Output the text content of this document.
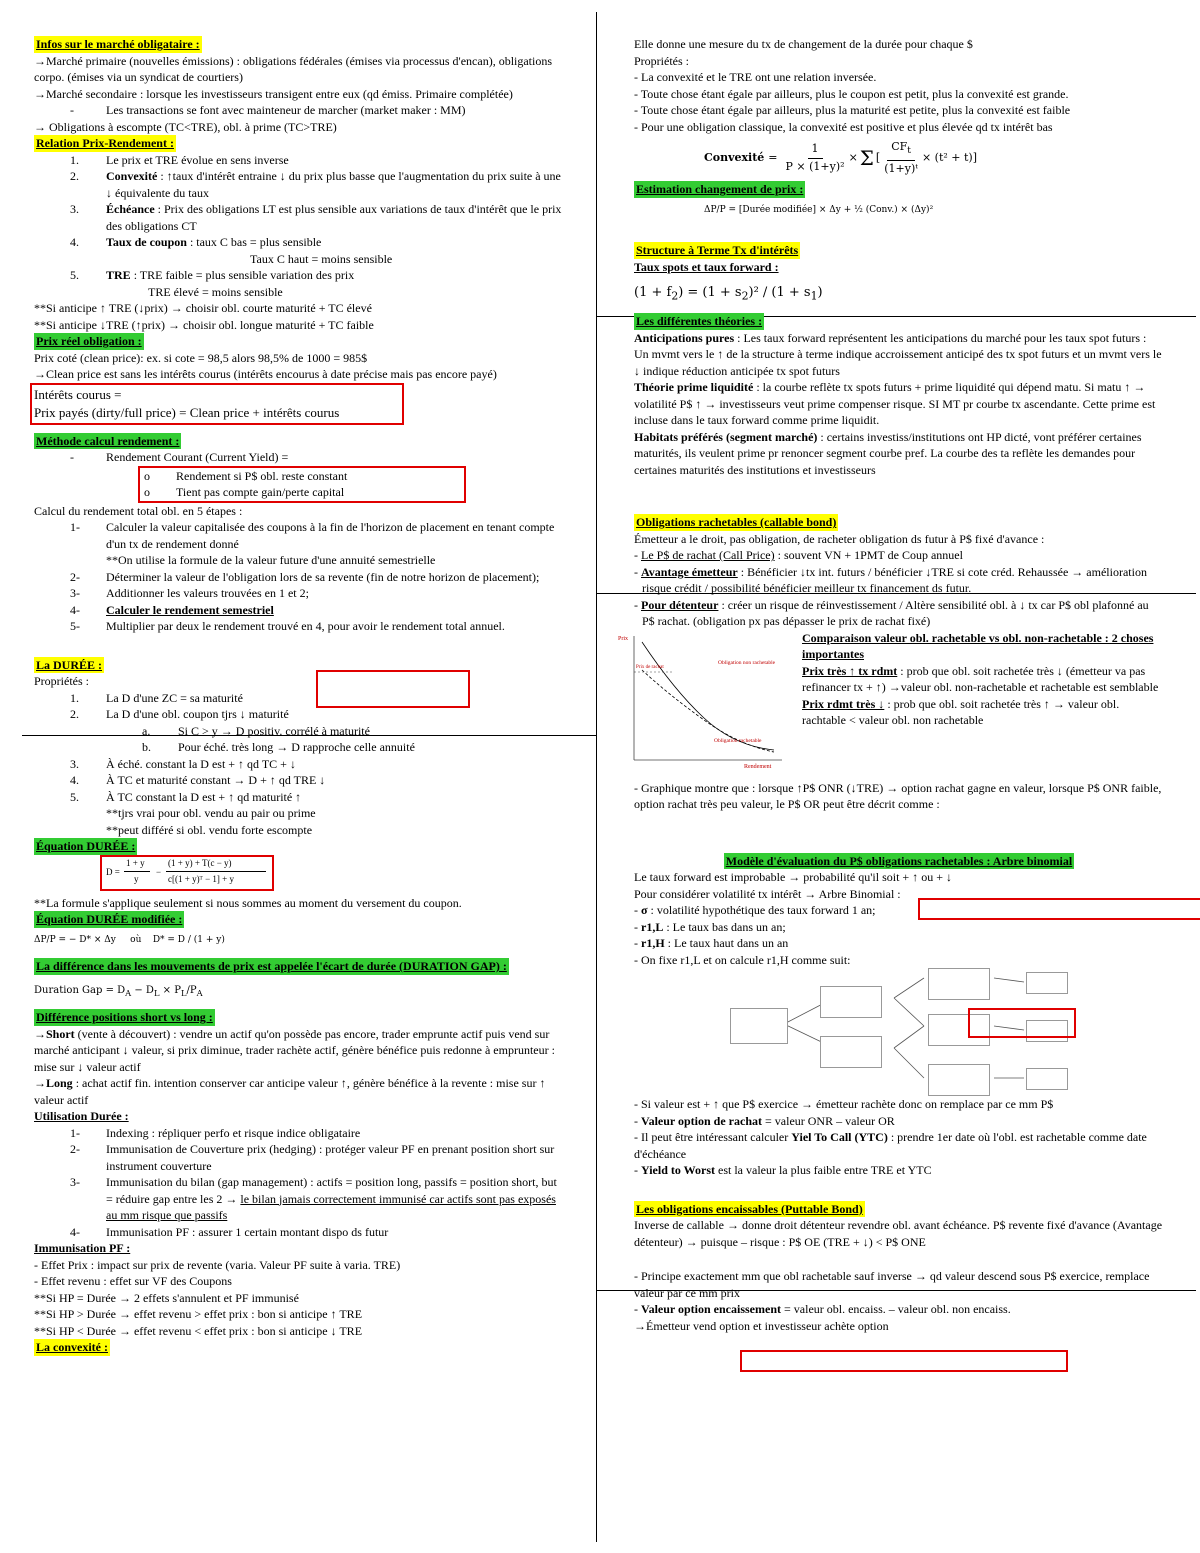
Infos sur le marché obligataire :

→Marché primaire (nouvelles émissions) : obligations fédérales (émises via processus d'encan), obligations corpo. (émises via un syndicat de courtiers)

→Marché secondaire : lorsque les investisseurs transigent entre eux (qd émiss. Primaire complétée)

-	Les transactions se font avec mainteneur de marcher (market maker : MM)

→ Obligations à escompte (TC<TRE), obl. à prime (TC>TRE)

Relation Prix-Rendement :

1. Le prix et TRE évolue en sens inverse

2. Convexité : ↑taux d'intérêt entraine ↓ du prix plus basse que l'augmentation du prix suite à une ↓ équivalente du taux

3. Échéance : Prix des obligations LT est plus sensible aux variations de taux d'intérêt que le prix des obligations CT

4. Taux de coupon : taux C bas = plus sensible

Taux C haut = moins sensible

5. TRE : TRE faible = plus sensible variation des prix

TRE élevé = moins sensible

**Si anticipe ↑ TRE (↓prix) → choisir obl. courte maturité + TC élevé

**Si anticipe ↓TRE (↑prix) → choisir obl. longue maturité + TC faible

Prix réel obligation :

Prix coté (clean price): ex. si cote = 98,5 alors 98,5% de 1000 = 985$

→Clean price est sans les intérêts courus (intérêts encourus à date précise mais pas encore payé)

Intérêts courus =

Prix payés (dirty/full price) = Clean price + intérêts courus

Méthode calcul rendement :

-	Rendement Courant (Current Yield) =

o Rendement si P$ obl. reste constant

o Tient pas compte gain/perte capital

Calcul du rendement total obl. en 5 étapes :

1- Calculer la valeur capitalisée des coupons à la fin de l'horizon de placement en tenant compte d'un tx de rendement donné

**On utilise la formule de la valeur future d'une annuité semestrielle

2- Déterminer la valeur de l'obligation lors de sa revente (fin de notre horizon de placement);

3- Additionner les valeurs trouvées en 1 et 2;

4- Calculer le rendement semestriel

5- Multiplier par deux le rendement trouvé en 4, pour avoir le rendement total annuel.

La DURÉE :

Propriétés :

1. La D d'une ZC = sa maturité

2. La D d'une obl. coupon tjrs ↓ maturité

a. Si C > y → D positiv. corrélé à maturité

b. Pour éché. très long → D rapproche celle annuité

3. À éché. constant la D est + ↑ qd TC + ↓

4. À TC et maturité constant → D + ↑ qd TRE ↓

5. À TC constant la D est + ↑ qd maturité ↑

**tjrs vrai pour obl. vendu au pair ou prime

**peut différé si obl. vendu forte escompte

Équation DURÉE :

D =
1 + y
y
−
(1 + y) + T(c − y)
c[(1 + y)ᵀ − 1] + y

**La formule s'applique seulement si nous sommes au moment du versement du coupon.

Équation DURÉE modifiée :

ΔP/P = − D* × Δy     où    D* = D / (1 + y)

La différence dans les mouvements de prix est appelée l'écart de durée (DURATION GAP) :

Duration Gap = $D_A - D_L \times P_L/P_A$

Différence positions short vs long :

→Short (vente à découvert) : vendre un actif qu'on possède pas encore, trader emprunte actif puis vend sur marché anticipant ↓ valeur, si prix diminue, trader rachète actif, génère bénéfice puis redonne à emprunteur : mise sur ↓ valeur actif

→Long : achat actif fin. intention conserver car anticipe valeur ↑, génère bénéfice à la revente : mise sur ↑ valeur actif

Utilisation Durée :

1- Indexing : répliquer perfo et risque indice obligataire

2- Immunisation de Couverture prix (hedging) : protéger valeur PF en prenant position short sur instrument couverture

3- Immunisation du bilan (gap management) : actifs = position long, passifs = position short, but = réduire gap entre les 2 → le bilan jamais correctement immunisé car actifs sont pas exposés au mm risque que passifs

4- Immunisation PF : assurer 1 certain montant dispo ds futur

Immunisation PF :

- Effet Prix : impact sur prix de revente (varia. Valeur PF suite à varia. TRE)

- Effet revenu : effet sur VF des Coupons

**Si HP = Durée → 2 effets s'annulent et PF immunisé

**Si HP > Durée → effet revenu > effet prix : bon si anticipe ↑ TRE

**Si HP < Durée → effet revenu < effet prix : bon si anticipe ↓ TRE

La convexité :

Elle donne une mesure du tx de changement de la durée pour chaque $

Propriétés :

- La convexité et le TRE ont une relation inversée.

- Toute chose étant égale par ailleurs, plus le coupon est petit, plus la convexité est grande.

- Toute chose étant égale par ailleurs, plus la maturité est petite, plus la convexité est faible

- Pour une obligation classique, la convexité est positive et plus élevée qd tx intérêt bas

Convexité = $\frac{1}{\text{P × (1+y)²}} \times \Sigma$ [ $\frac{CF_t}{\text{(1+y)ᵗ}} \times (t^2 + t)$]

Estimation changement de prix :

ΔP/P = [Durée modifiée] × Δy + ½ (Conv.) × (Δy)²

Structure à Terme Tx d'intérêts

Taux spots et taux forward :

$(1 + f_2) = (1 + s_2)^2 / (1 + s_1)$

Les différentes théories :

Anticipations pures : Les taux forward représentent les anticipations du marché pour les taux spot futurs : Un mvmt vers le ↑ de la structure à terme indique accroissement anticipé des tx spot futurs et un mvmt vers le ↓ indique réduction anticipée tx spot futurs

Théorie prime liquidité : la courbe reflète tx spots futurs + prime liquidité qui dépend matu. Si matu ↑ → volatilité P$ ↑ → investisseurs veut prime compenser risque. SI MT pr courbe tx ascendante. Cette prime est incluse dans le taux forward comme prime liquidit.

Habitats préférés (segment marché) : certains investiss/institutions ont HP dicté, vont préférer certaines maturités, ils veulent prime pr renoncer segment courbe pref. La courbe des ta reflète les demandes pour certaines maturités des institutions et investisseurs

Obligations rachetables (callable bond)

Émetteur a le droit, pas obligation, de racheter obligation ds futur à P$ fixé d'avance :

- Le P$ de rachat (Call Price) : souvent VN + 1PMT de Coup annuel

- Avantage émetteur : Bénéficier ↓tx int. futurs / bénéficier ↓TRE si cote créd. Rehaussée → amélioration risque crédit / possibilité bénéficier meilleur tx financement ds futur.

- Pour détenteur : créer un risque de réinvestissement / Altère sensibilité obl. à ↓ tx car P$ obl plafonné au P$ rachat. (obligation px pas dépasser le prix de rachat fixé)

Prix
Rendement
Obligation non rachetable
Obligation rachetable
Prix de rachat

Comparaison valeur obl. rachetable vs obl. non-rachetable : 2 choses importantes

Prix très ↑ tx rdmt : prob que obl. soit rachetée très ↓ (émetteur va pas refinancer tx + ↑) →valeur obl. non-rachetable et rachetable est semblable

Prix rdmt très ↓ : prob que obl. soit rachetée très ↑ → valeur obl. rachtable < valeur obl. non rachetable

- Graphique montre que : lorsque ↑P$ ONR (↓TRE) → option rachat gagne en valeur, lorsque P$ ONR faible, option rachat très peu valeur, le P$ OR peut être décrit comme :

Modèle d'évaluation du P$ obligations rachetables : Arbre binomial

Le taux forward est improbable → probabilité qu'il soit + ↑ ou + ↓

Pour considérer volatilité tx intérêt → Arbre Binomial :

- σ : volatilité hypothétique des taux forward 1 an;

- r1,L : Le taux bas dans un an;

- r1,H : Le taux haut dans un an

- On fixe r1,L et on calcule r1,H comme suit:

- Si valeur est + ↑ que P$ exercice → émetteur rachète donc on remplace par ce mm P$

- Valeur option de rachat = valeur ONR – valeur OR

- Il peut être intéressant calculer Yiel To Call (YTC) : prendre 1er date où l'obl. est rachetable comme date d'échéance

- Yield to Worst est la valeur la plus faible entre TRE et YTC

Les obligations encaissables (Puttable Bond)

Inverse de callable → donne droit détenteur revendre obl. avant échéance. P$ revente fixé d'avance (Avantage détenteur) → puisque – risque : P$ OE (TRE + ↓) < P$ ONE

- Principe exactement mm que obl rachetable sauf inverse → qd valeur descend sous P$ exercice, remplace valeur par ce mm prix

- Valeur option encaissement = valeur obl. encaiss. – valeur obl. non encaiss.

→Émetteur vend option et investisseur achète option
